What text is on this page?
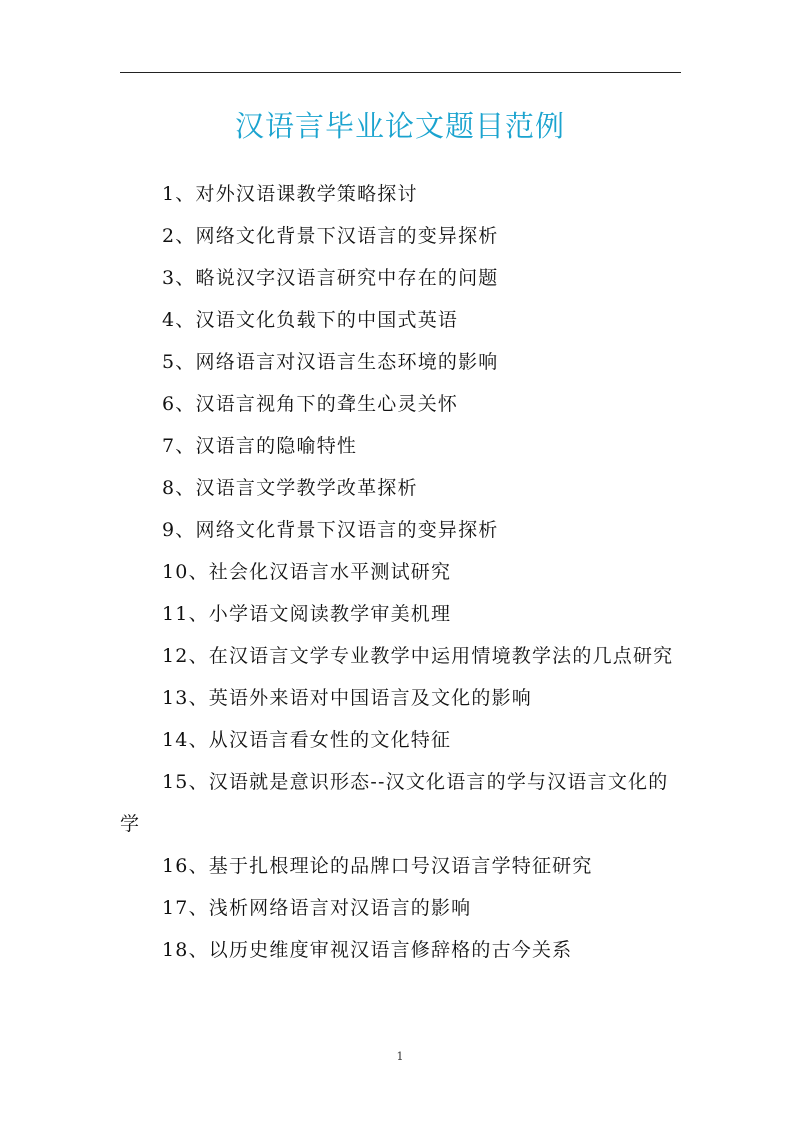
汉语言毕业论文题目范例
1、对外汉语课教学策略探讨
2、网络文化背景下汉语言的变异探析
3、略说汉字汉语言研究中存在的问题
4、汉语文化负载下的中国式英语
5、网络语言对汉语言生态环境的影响
6、汉语言视角下的聋生心灵关怀
7、汉语言的隐喻特性
8、汉语言文学教学改革探析
9、网络文化背景下汉语言的变异探析
10、社会化汉语言水平测试研究
11、小学语文阅读教学审美机理
12、在汉语言文学专业教学中运用情境教学法的几点研究
13、英语外来语对中国语言及文化的影响
14、从汉语言看女性的文化特征
15、汉语就是意识形态--汉文化语言的学与汉语言文化的学
16、基于扎根理论的品牌口号汉语言学特征研究
17、浅析网络语言对汉语言的影响
18、以历史维度审视汉语言修辞格的古今关系
1
